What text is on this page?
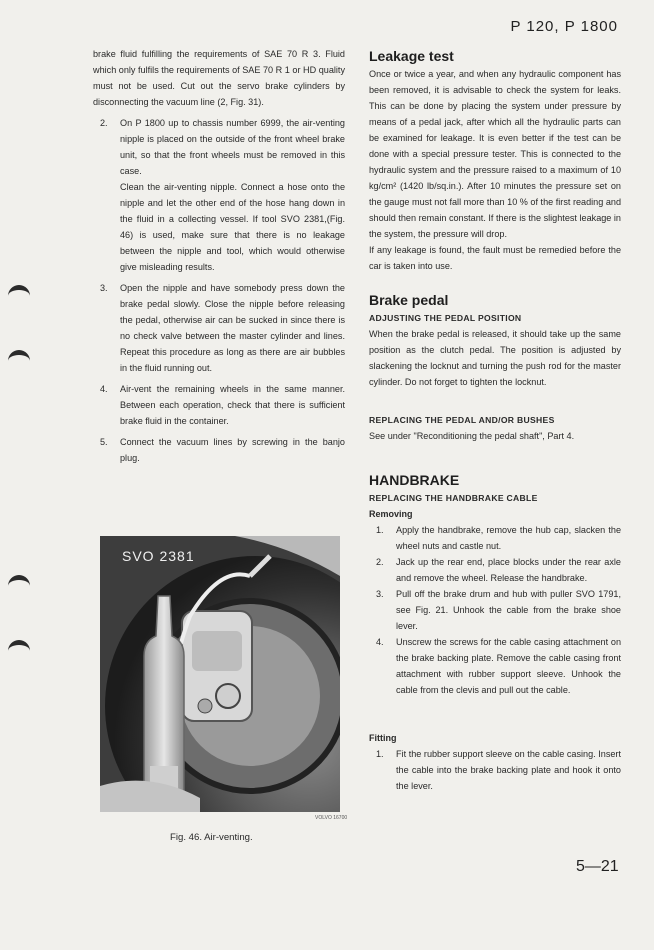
P 120, P 1800

brake fluid fulfilling the requirements of SAE 70 R 3. Fluid which only fulfils the requirements of SAE 70 R 1 or HD quality must not be used. Cut out the servo brake cylinders by disconnecting the vacuum line (2, Fig. 31).

2. On P 1800 up to chassis number 6999, the air-venting nipple is placed on the outside of the front wheel brake unit, so that the front wheels must be removed in this case.

Clean the air-venting nipple. Connect a hose onto the nipple and let the other end of the hose hang down in the fluid in a collecting vessel. If tool SVO 2381,(Fig. 46) is used, make sure that there is no leakage between the nipple and tool, which would otherwise give misleading results.

3. Open the nipple and have somebody press down the brake pedal slowly. Close the nipple before releasing the pedal, otherwise air can be sucked in since there is no check valve between the master cylinder and lines. Repeat this procedure as long as there are air bubbles in the fluid running out.

4. Air-vent the remaining wheels in the same manner. Between each operation, check that there is sufficient brake fluid in the container.

5. Connect the vacuum lines by screwing in the banjo plug.

SVO 2381
VOLVO 16700
Fig. 46. Air-venting.
Leakage test

Once or twice a year, and when any hydraulic component has been removed, it is advisable to check the system for leaks. This can be done by placing the system under pressure by means of a pedal jack, after which all the hydraulic parts can be examined for leakage. It is even better if the test can be done with a special pressure tester. This is connected to the hydraulic system and the pressure raised to a maximum of 10 kg/cm² (1420 lb/sq.in.). After 10 minutes the pressure set on the gauge must not fall more than 10 % of the first reading and should then remain constant. If there is the slightest leakage in the system, the pressure will drop.

If any leakage is found, the fault must be remedied before the car is taken into use.

Brake pedal
ADJUSTING THE PEDAL POSITION

When the brake pedal is released, it should take up the same position as the clutch pedal. The position is adjusted by slackening the locknut and turning the push rod for the master cylinder. Do not forget to tighten the locknut.

REPLACING THE PEDAL AND/OR BUSHES

See under "Reconditioning the pedal shaft", Part 4.

HANDBRAKE
REPLACING THE HANDBRAKE CABLE
Removing
1. Apply the handbrake, remove the hub cap, slacken the wheel nuts and castle nut.

2. Jack up the rear end, place blocks under the rear axle and remove the wheel. Release the handbrake.

3. Pull off the brake drum and hub with puller SVO 1791, see Fig. 21. Unhook the cable from the brake shoe lever.

4. Unscrew the screws for the cable casing attachment on the brake backing plate. Remove the cable casing front attachment with rubber support sleeve. Unhook the cable from the clevis and pull out the cable.

Fitting
1. Fit the rubber support sleeve on the cable casing. Insert the cable into the brake backing plate and hook it onto the lever.

5—21
